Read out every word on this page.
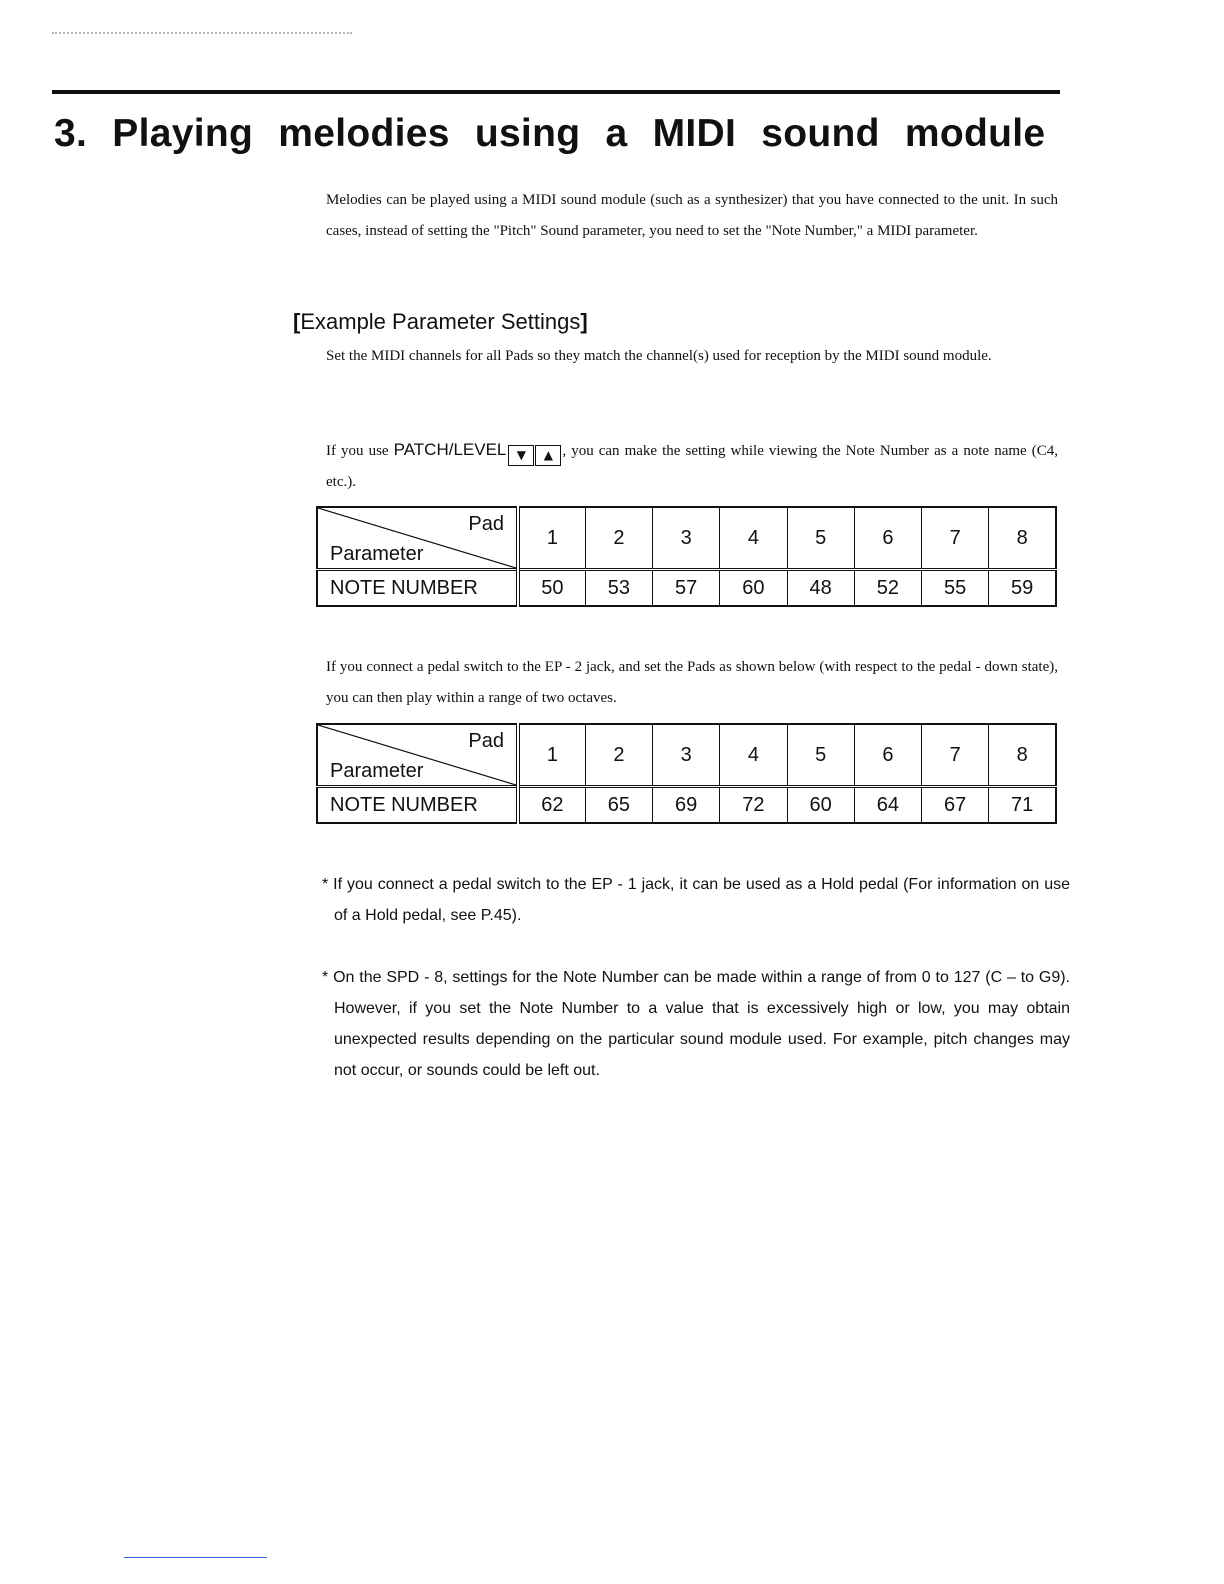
3. Playing melodies using a MIDI sound module

Melodies can be played using a MIDI sound module (such as a synthesizer) that you have connected to the unit. In such cases, instead of setting the "Pitch" Sound parameter, you need to set the "Note Number," a MIDI parameter.

[Example Parameter Settings]

Set the MIDI channels for all Pads so they match the channel(s) used for reception by the MIDI sound module.

If you use PATCH/LEVEL ▼ ▲ , you can make the setting while viewing the Note Number as a note name (C4, etc.).

Pad
Parameter	1	2	3	4	5	6	7	8
NOTE NUMBER	50	53	57	60	48	52	55	59

If you connect a pedal switch to the EP - 2 jack, and set the Pads as shown below (with respect to the pedal - down state), you can then play within a range of two octaves.

Pad
Parameter	1	2	3	4	5	6	7	8
NOTE NUMBER	62	65	69	72	60	64	67	71

* If you connect a pedal switch to the EP - 1 jack, it can be used as a Hold pedal (For information on use of a Hold pedal, see P.45).

* On the SPD - 8, settings for the Note Number can be made within a range of from 0 to 127 (C – to G9). However, if you set the Note Number to a value that is excessively high or low, you may obtain unexpected results depending on the particular sound module used. For example, pitch changes may not occur, or sounds could be left out.
